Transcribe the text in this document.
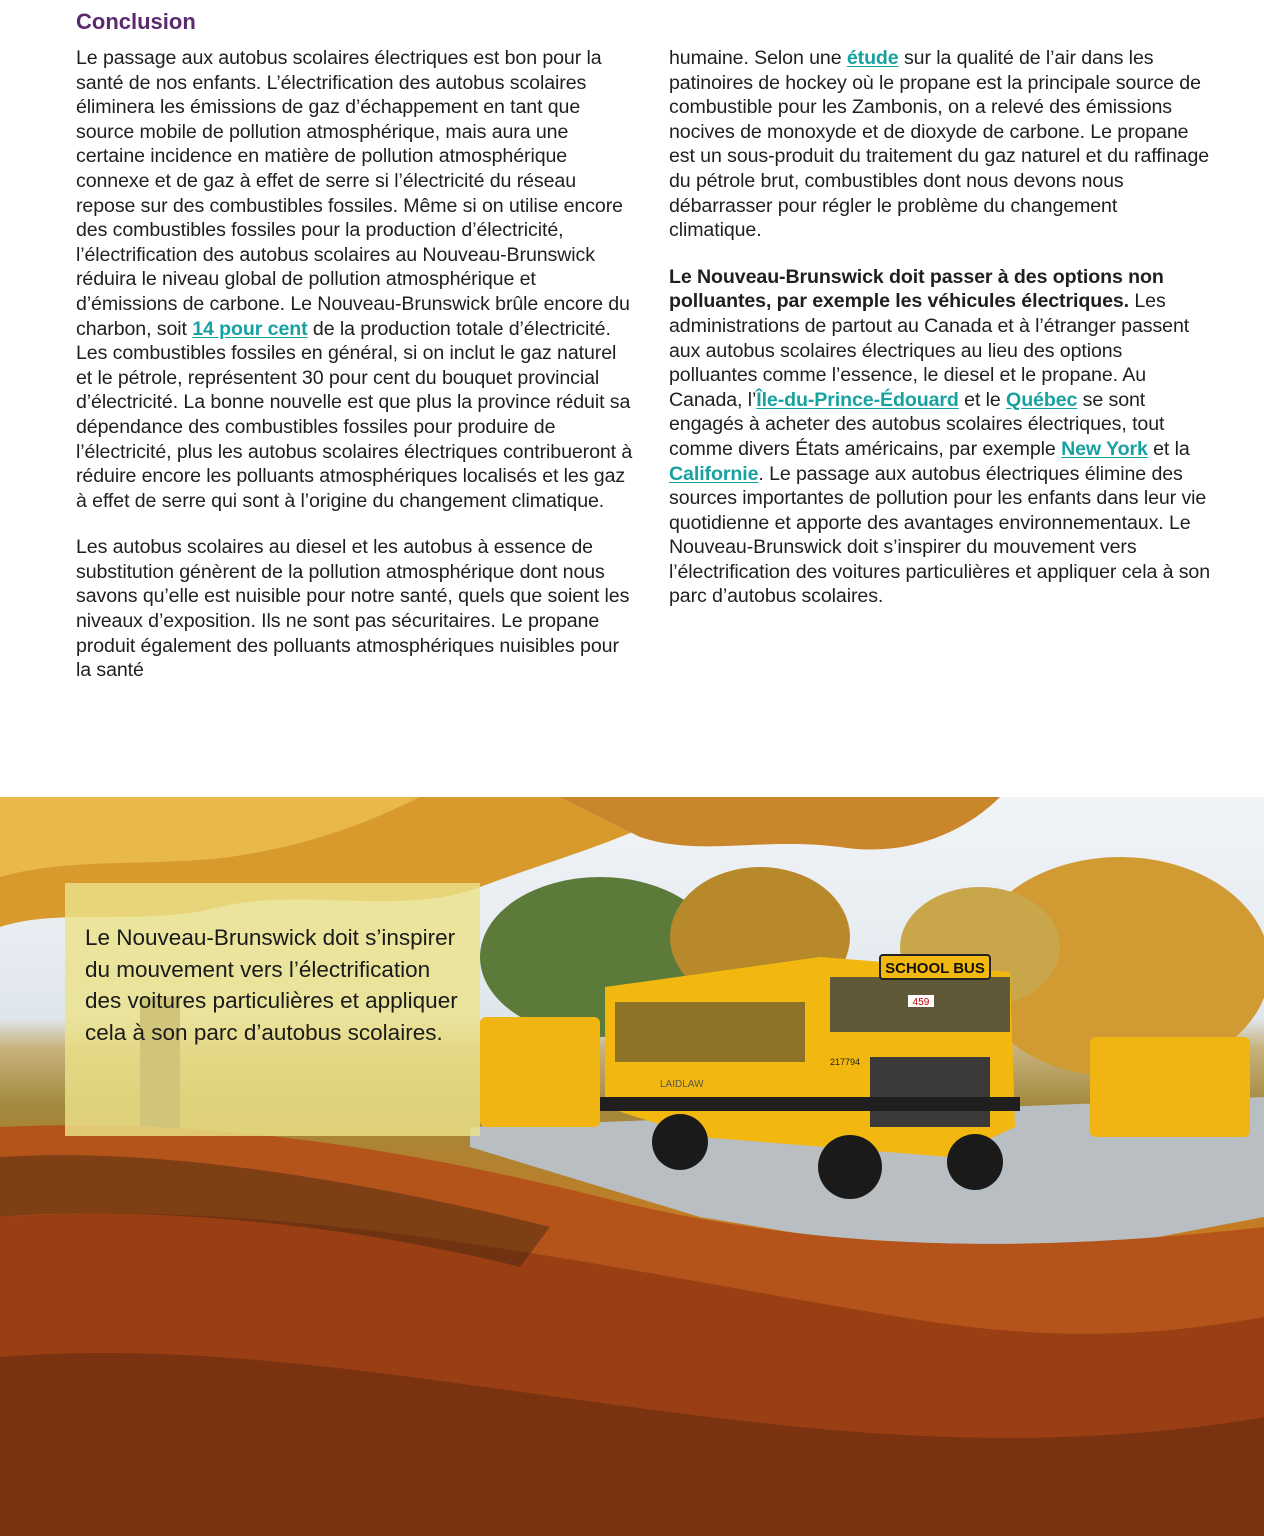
Conclusion

Le passage aux autobus scolaires électriques est bon pour la santé de nos enfants. L’électrification des autobus scolaires éliminera les émissions de gaz d’échappement en tant que source mobile de pollution atmosphérique, mais aura une certaine incidence en matière de pollution atmosphérique connexe et de gaz à effet de serre si l’électricité du réseau repose sur des combustibles fossiles. Même si on utilise encore des combustibles fossiles pour la production d’électricité, l’électrification des autobus scolaires au Nouveau-Brunswick réduira le niveau global de pollution atmosphérique et d’émissions de carbone. Le Nouveau-Brunswick brûle encore du charbon, soit 14 pour cent de la production totale d’électricité. Les combustibles fossiles en général, si on inclut le gaz naturel et le pétrole, représentent 30 pour cent du bouquet provincial d’électricité. La bonne nouvelle est que plus la province réduit sa dépendance des combustibles fossiles pour produire de l’électricité, plus les autobus scolaires électriques contribueront à réduire encore les polluants atmosphériques localisés et les gaz à effet de serre qui sont à l’origine du changement climatique.

Les autobus scolaires au diesel et les autobus à essence de substitution génèrent de la pollution atmosphérique dont nous savons qu’elle est nuisible pour notre santé, quels que soient les niveaux d’exposition. Ils ne sont pas sécuritaires. Le propane produit également des polluants atmosphériques nuisibles pour la santé

humaine. Selon une étude sur la qualité de l’air dans les patinoires de hockey où le propane est la principale source de combustible pour les Zambonis, on a relevé des émissions nocives de monoxyde et de dioxyde de carbone. Le propane est un sous-produit du traitement du gaz naturel et du raffinage du pétrole brut, combustibles dont nous devons nous débarrasser pour régler le problème du changement climatique.

Le Nouveau-Brunswick doit passer à des options non polluantes, par exemple les véhicules électriques. Les administrations de partout au Canada et à l’étranger passent aux autobus scolaires électriques au lieu des options polluantes comme l’essence, le diesel et le propane. Au Canada, l’Île-du-Prince-Édouard et le Québec se sont engagés à acheter des autobus scolaires électriques, tout comme divers États américains, par exemple New York et la Californie. Le passage aux autobus électriques élimine des sources importantes de pollution pour les enfants dans leur vie quotidienne et apporte des avantages environnementaux. Le Nouveau-Brunswick doit s’inspirer du mouvement vers l’électrification des voitures particulières et appliquer cela à son parc d’autobus scolaires.

SCHOOL BUS
459
217794
LAIDLAW

Le Nouveau-Brunswick doit s’inspirer du mouvement vers l’électrification des voitures particulières et appliquer cela à son parc d’autobus scolaires.
